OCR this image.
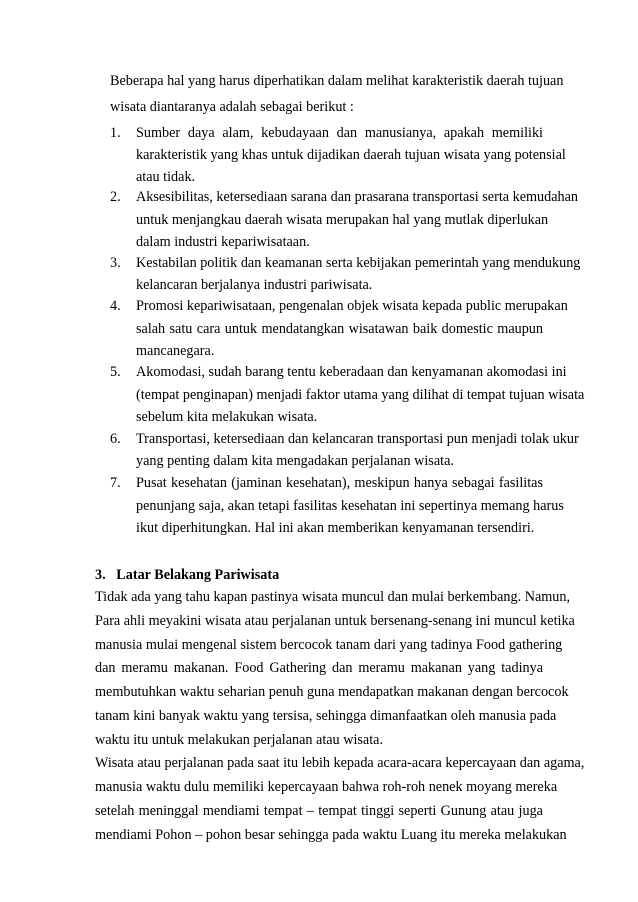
Beberapa hal yang harus diperhatikan dalam melihat karakteristik daerah tujuan
wisata diantaranya adalah sebagai berikut :
1. Sumber daya alam, kebudayaan dan manusianya, apakah memiliki
karakteristik yang khas untuk dijadikan daerah tujuan wisata yang potensial
atau tidak.
2. Aksesibilitas, ketersediaan sarana dan prasarana transportasi serta kemudahan
untuk menjangkau daerah wisata merupakan hal yang mutlak diperlukan
dalam industri kepariwisataan.
3. Kestabilan politik dan keamanan serta kebijakan pemerintah yang mendukung
kelancaran berjalanya industri pariwisata.
4. Promosi kepariwisataan, pengenalan objek wisata kepada public merupakan
salah satu cara untuk mendatangkan wisatawan baik domestic maupun
mancanegara.
5. Akomodasi, sudah barang tentu keberadaan dan kenyamanan akomodasi ini
(tempat penginapan) menjadi faktor utama yang dilihat di tempat tujuan wisata
sebelum kita melakukan wisata.
6. Transportasi, ketersediaan dan kelancaran transportasi pun menjadi tolak ukur
yang penting dalam kita mengadakan perjalanan wisata.
7. Pusat kesehatan (jaminan kesehatan), meskipun hanya sebagai fasilitas
penunjang saja, akan tetapi fasilitas kesehatan ini sepertinya memang harus
ikut diperhitungkan. Hal ini akan memberikan kenyamanan tersendiri.
3.   Latar Belakang Pariwisata
Tidak ada yang tahu kapan pastinya wisata muncul dan mulai berkembang. Namun,
Para ahli meyakini wisata atau perjalanan untuk bersenang-senang ini muncul ketika
manusia mulai mengenal sistem bercocok tanam dari yang tadinya Food gathering
dan meramu makanan. Food Gathering dan meramu makanan yang tadinya
membutuhkan waktu seharian penuh guna mendapatkan makanan dengan bercocok
tanam kini banyak waktu yang tersisa, sehingga dimanfaatkan oleh manusia pada
waktu itu untuk melakukan perjalanan atau wisata.
Wisata atau perjalanan pada saat itu lebih kepada acara-acara kepercayaan dan agama,
manusia waktu dulu memiliki kepercayaan bahwa roh-roh nenek moyang mereka
setelah meninggal mendiami tempat – tempat tinggi seperti Gunung atau juga
mendiami Pohon – pohon besar sehingga pada waktu Luang itu mereka melakukan
